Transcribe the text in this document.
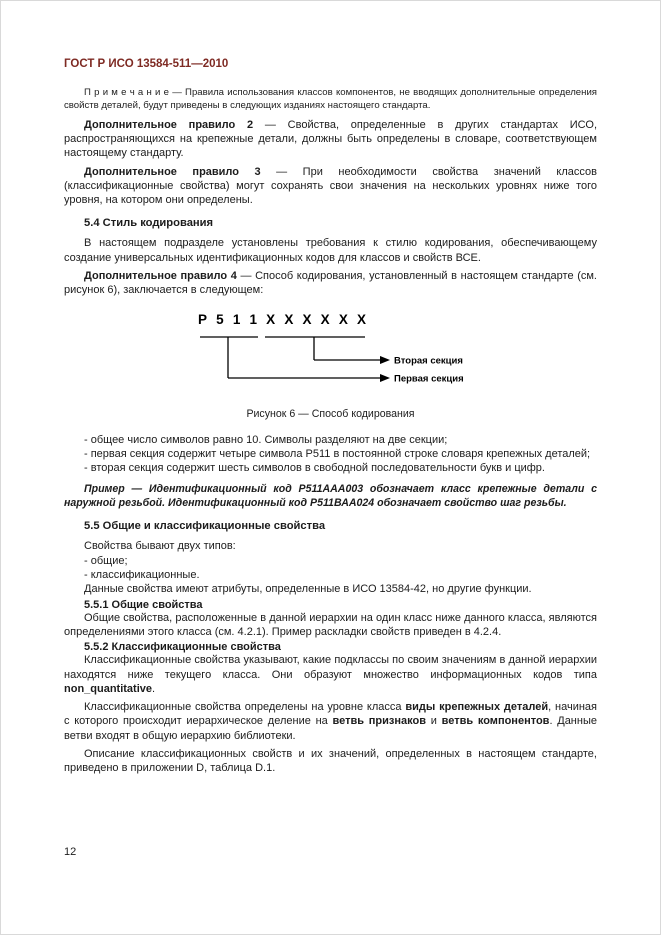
ГОСТ Р ИСО 13584-511—2010

П р и м е ч а н и е — Правила использования классов компонентов, не вводящих дополнительные определения свойств деталей, будут приведены в следующих изданиях настоящего стандарта.

Дополнительное правило 2 — Свойства, определенные в других стандартах ИСО, распространяющихся на крепежные детали, должны быть определены в словаре, соответствующем настоящему стандарту.

Дополнительное правило 3 — При необходимости свойства значений классов (классификационные свойства) могут сохранять свои значения на нескольких уровнях ниже того уровня, на котором они определены.

5.4 Стиль кодирования

В настоящем подразделе установлены требования к стилю кодирования, обеспечивающему создание универсальных идентификационных кодов для классов и свойств ВСЕ.

Дополнительное правило 4 — Способ кодирования, установленный в настоящем стандарте (см. рисунок 6), заключается в следующем:

Р 5 1 1 Х Х Х Х Х Х
Вторая секция
Первая секция

Рисунок 6 — Способ кодирования

- общее число символов равно 10. Символы разделяют на две секции;

- первая секция содержит четыре символа Р511 в постоянной строке словаря крепежных деталей;

- вторая секция содержит шесть символов в свободной последовательности букв и цифр.

Пример — Идентификационный код Р511ААА003 обозначает класс крепежные детали с наружной резьбой. Идентификационный код Р511ВАА024 обозначает свойство шаг резьбы.

5.5 Общие и классификационные свойства

Свойства бывают двух типов:

- общие;

- классификационные.

Данные свойства имеют атрибуты, определенные в ИСО 13584-42, но другие функции.

5.5.1 Общие свойства

Общие свойства, расположенные в данной иерархии на один класс ниже данного класса, являются определениями этого класса (см. 4.2.1). Пример раскладки свойств приведен в 4.2.4.

5.5.2 Классификационные свойства

Классификационные свойства указывают, какие подклассы по своим значениям в данной иерархии находятся ниже текущего класса. Они образуют множество информационных кодов типа non_quantitative.

Классификационные свойства определены на уровне класса виды крепежных деталей, начиная с которого происходит иерархическое деление на ветвь признаков и ветвь компонентов. Данные ветви входят в общую иерархию библиотеки.

Описание классификационных свойств и их значений, определенных в настоящем стандарте, приведено в приложении D, таблица D.1.

12
